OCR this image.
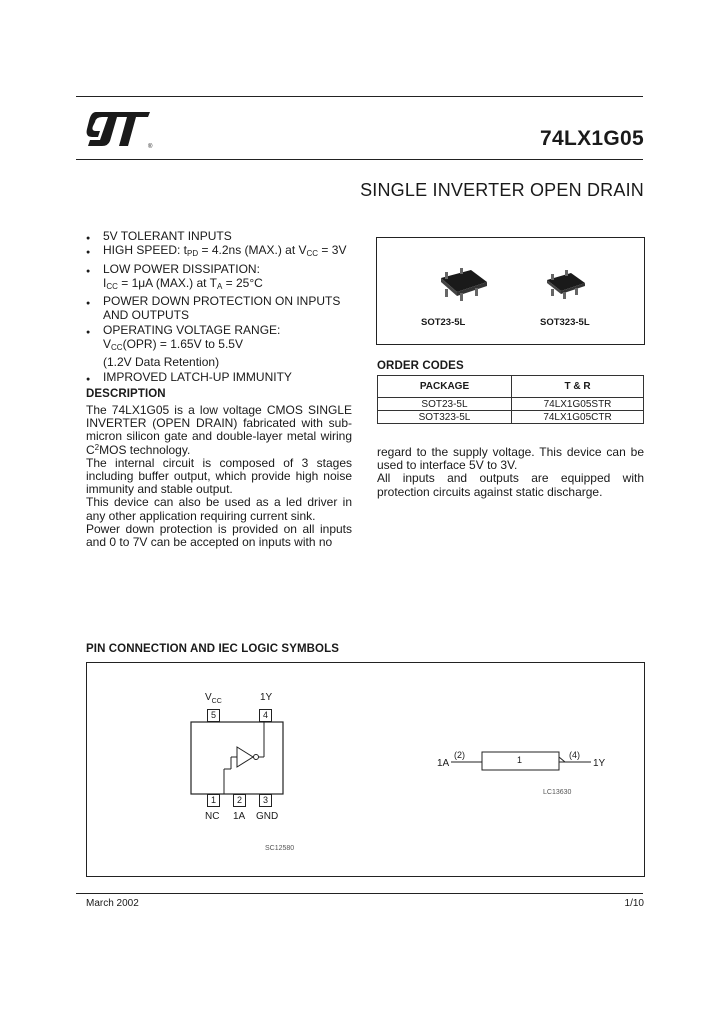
®	74LX1G05
SINGLE INVERTER OPEN DRAIN
● 5V TOLERANT INPUTS
● HIGH SPEED: $t_{PD} = 4.2ns$ (MAX.) at $V_{CC} = 3V$
● LOW POWER DISSIPATION:
$I_{CC} = 1\mu A$ (MAX.) at $T_A = 25^\circ C$
● POWER DOWN PROTECTION ON INPUTS AND OUTPUTS
● OPERATING VOLTAGE RANGE:
$V_{CC}(OPR) = 1.65V$ to 5.5V
(1.2V Data Retention)
● IMPROVED LATCH-UP IMMUNITY
SOT23-5L	SOT323-5L
ORDER CODES
PACKAGE	T & R
SOT23-5L	74LX1G05STR
SOT323-5L	74LX1G05CTR
DESCRIPTION

The 74LX1G05 is a low voltage CMOS SINGLE INVERTER (OPEN DRAIN) fabricated with sub-micron silicon gate and double-layer metal wiring $C^2MOS$ technology.

The internal circuit is composed of 3 stages including buffer output, which provide high noise immunity and stable output.

This device can also be used as a led driver in any other application requiring current sink.

Power down protection is provided on all inputs and 0 to 7V can be accepted on inputs with no

regard to the supply voltage. This device can be used to interface 5V to 3V.

All inputs and outputs are equipped with protection circuits against static discharge.

PIN CONNECTION AND IEC LOGIC SYMBOLS
$V_{CC}$	1Y
5	4
1	2	3
NC 1A GND
SC12580
1A
(2)	1	(4)
1Y
LC13630
March 2002	1/10
